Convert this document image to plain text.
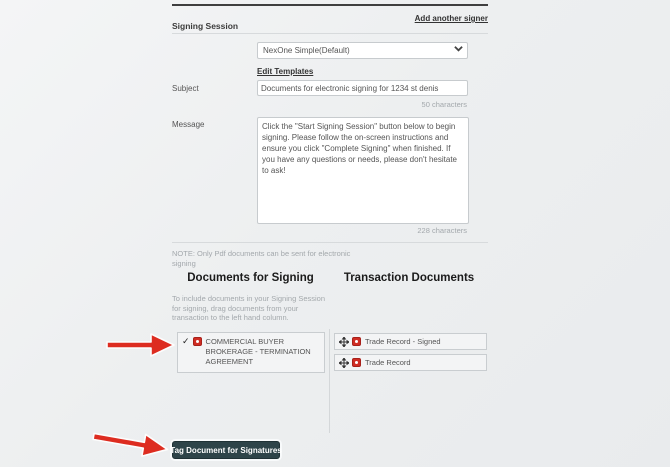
Add another signer
Signing Session
NexOne Simple(Default)
Edit Templates
Subject
Documents for electronic signing for 1234 st denis
50 characters
Message
Click the "Start Signing Session" button below to begin signing. Please follow the on-screen instructions and ensure you click "Complete Signing" when finished. If you have any questions or needs, please don't hesitate to ask!
228 characters
NOTE: Only Pdf documents can be sent for electronic signing
Documents for Signing	Transaction Documents
To include documents in your Signing Session for signing, drag documents from your transaction to the left hand column.
✓ COMMERCIAL BUYER BROKERAGE - TERMINATION AGREEMENT
Trade Record - Signed
Trade Record
Tag Document for Signatures
